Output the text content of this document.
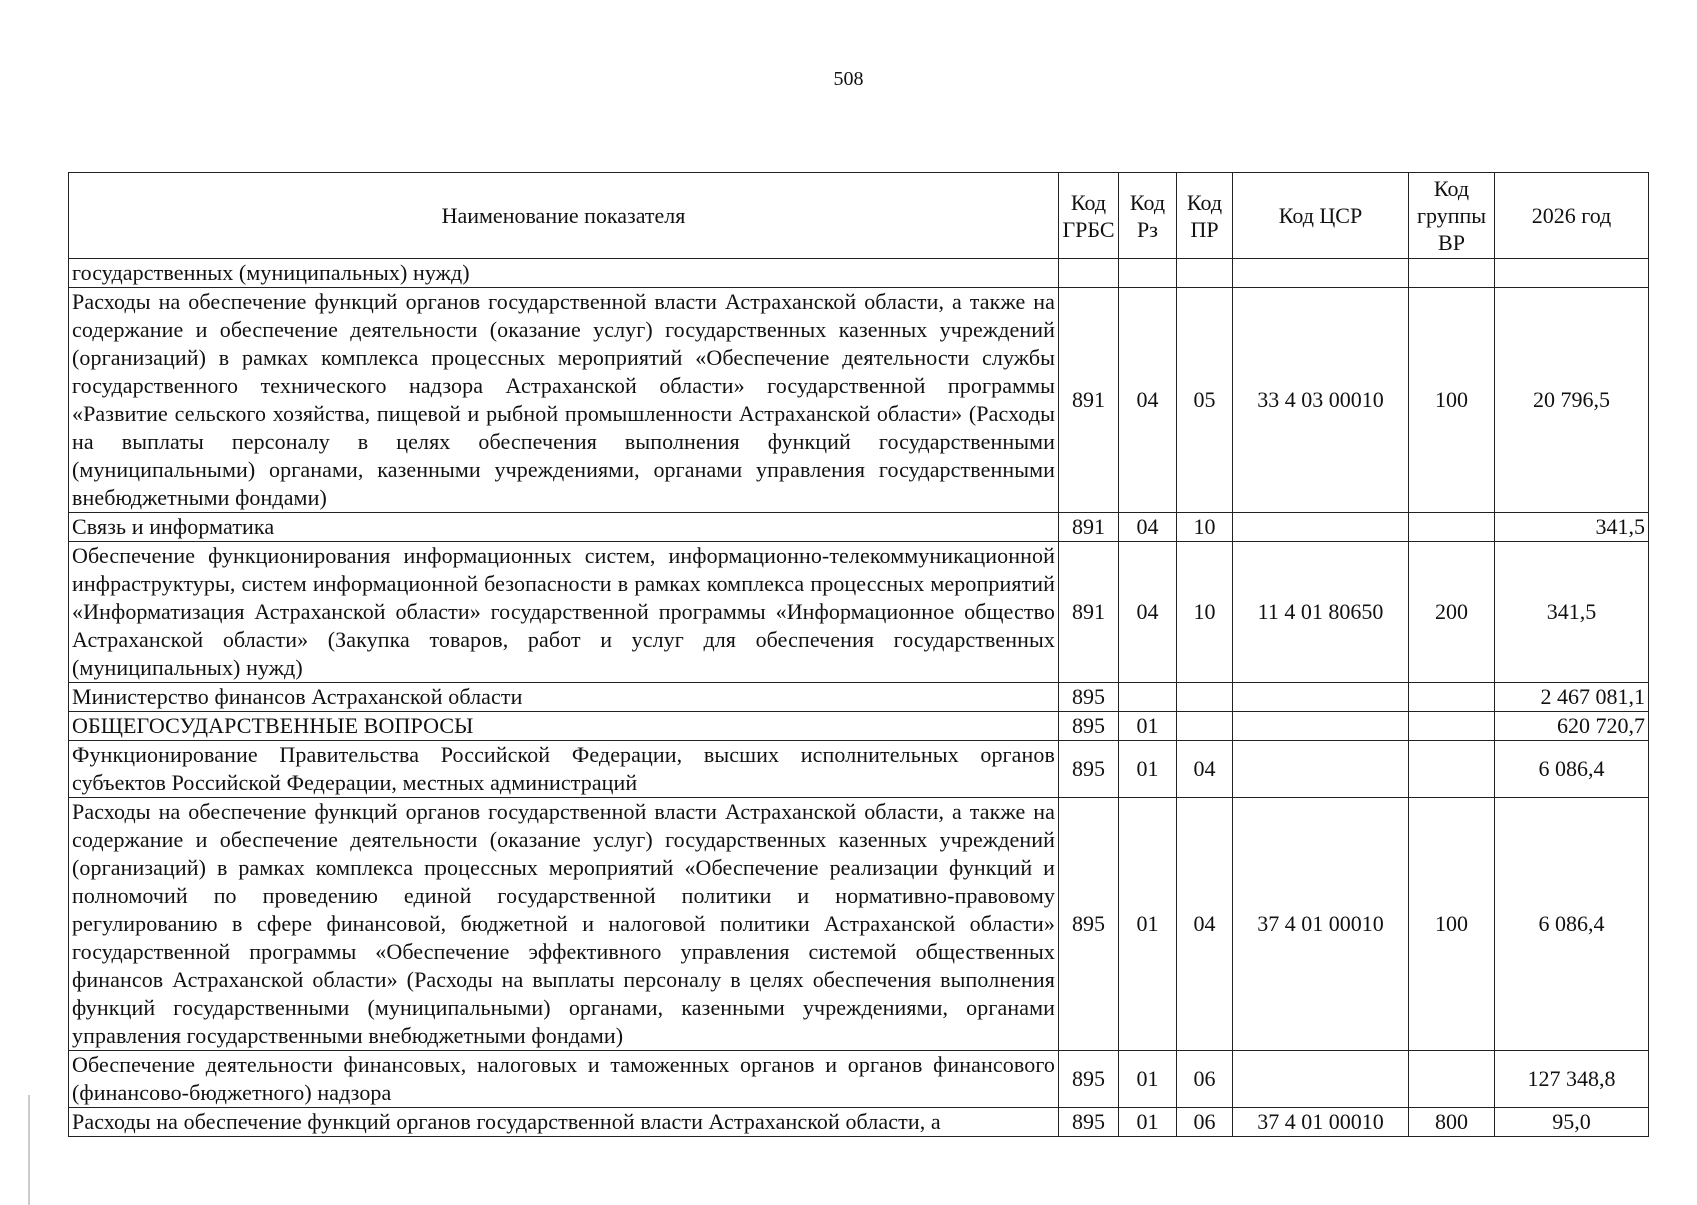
508
Наименование показателя	Код ГРБС	Код Рз	Код ПР	Код ЦСР	Код группы ВР	2026 год
государственных (муниципальных) нужд)						
Расходы на обеспечение функций органов государственной власти Астраханской области, а также на содержание и обеспечение деятельности (оказание услуг) государственных казенных учреждений (организаций) в рамках комплекса процессных мероприятий «Обеспечение деятельности службы государственного технического надзора Астраханской области» государственной программы «Развитие сельского хозяйства, пищевой и рыбной промышленности Астраханской области» (Расходы на выплаты персоналу в целях обеспечения выполнения функций государственными (муниципальными) органами, казенными учреждениями, органами управления государственными внебюджетными фондами)	891	04	05	33 4 03 00010	100	20 796,5
Связь и информатика	891	04	10			341,5
Обеспечение функционирования информационных систем, информационно-телекоммуникационной инфраструктуры, систем информационной безопасности в рамках комплекса процессных мероприятий «Информатизация Астраханской области» государственной программы «Информационное общество Астраханской области» (Закупка товаров, работ и услуг для обеспечения государственных (муниципальных) нужд)	891	04	10	11 4 01 80650	200	341,5
Министерство финансов Астраханской области	895					2 467 081,1
ОБЩЕГОСУДАРСТВЕННЫЕ ВОПРОСЫ	895	01				620 720,7
Функционирование Правительства Российской Федерации, высших исполнительных органов субъектов Российской Федерации, местных администраций	895	01	04			6 086,4
Расходы на обеспечение функций органов государственной власти Астраханской области, а также на содержание и обеспечение деятельности (оказание услуг) государственных казенных учреждений (организаций) в рамках комплекса процессных мероприятий «Обеспечение реализации функций и полномочий по проведению единой государственной политики и нормативно-правовому регулированию в сфере финансовой, бюджетной и налоговой политики Астраханской области» государственной программы «Обеспечение эффективного управления системой общественных финансов Астраханской области» (Расходы на выплаты персоналу в целях обеспечения выполнения функций государственными (муниципальными) органами, казенными учреждениями, органами управления государственными внебюджетными фондами)	895	01	04	37 4 01 00010	100	6 086,4
Обеспечение деятельности финансовых, налоговых и таможенных органов и органов финансового (финансово-бюджетного) надзора	895	01	06			127 348,8
Расходы на обеспечение функций органов государственной власти Астраханской области, а	895	01	06	37 4 01 00010	800	95,0
